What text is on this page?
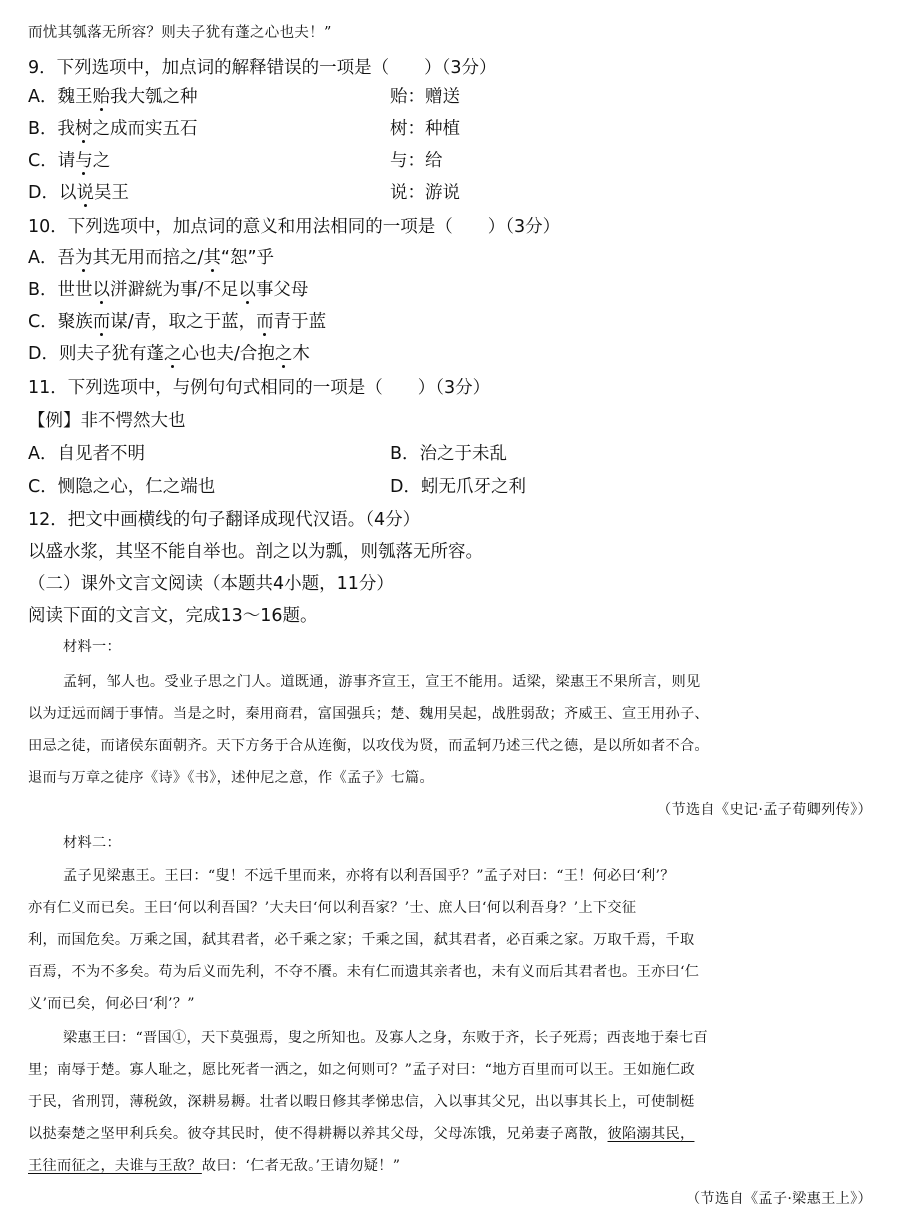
而忧其瓠落无所容？则夫子犹有蓬之心也夫！”
9．下列选项中，加点词的解释错误的一项是（　　）（3分）
A．魏王贻我大瓠之种	贻：赠送
B．我树之成而实五石	树：种植
C．请与之	与：给
D．以说吴王	说：游说
10．下列选项中，加点词的意义和用法相同的一项是（　　）（3分）
A．吾为其无用而掊之/其“恕”乎
B．世世以洴澼絖为事/不足以事父母
C．聚族而谋/青，取之于蓝，而青于蓝
D．则夫子犹有蓬之心也夫/合抱之木
11．下列选项中，与例句句式相同的一项是（　　）（3分）
【例】非不愕然大也
A．自见者不明	B．治之于未乱
C．恻隐之心，仁之端也	D．蚓无爪牙之利
12．把文中画横线的句子翻译成现代汉语。（4分）
以盛水浆，其坚不能自举也。剖之以为瓢，则瓠落无所容。
（二）课外文言文阅读（本题共4小题，11分）
阅读下面的文言文，完成13～16题。
材料一：
孟轲，邹人也。受业子思之门人。道既通，游事齐宣王，宣王不能用。适梁，梁惠王不果所言，则见
以为迂远而阔于事情。当是之时，秦用商君，富国强兵；楚、魏用吴起，战胜弱敌；齐威王、宣王用孙子、
田忌之徒，而诸侯东面朝齐。天下方务于合从连衡，以攻伐为贤，而孟轲乃述三代之德，是以所如者不合。
退而与万章之徒序《诗》《书》，述仲尼之意，作《孟子》七篇。
（节选自《史记·孟子荀卿列传》）
材料二：
孟子见梁惠王。王曰：“叟！不远千里而来，亦将有以利吾国乎？”孟子对曰：“王！何必曰‘利’？
亦有仁义而已矣。王曰‘何以利吾国？’大夫曰‘何以利吾家？’士、庶人曰‘何以利吾身？’上下交征
利，而国危矣。万乘之国，弑其君者，必千乘之家；千乘之国，弑其君者，必百乘之家。万取千焉，千取
百焉，不为不多矣。苟为后义而先利，不夺不餍。未有仁而遗其亲者也，未有义而后其君者也。王亦曰‘仁
义’而已矣，何必曰‘利’？”
梁惠王曰：“晋国①，天下莫强焉，叟之所知也。及寡人之身，东败于齐，长子死焉；西丧地于秦七百
里；南辱于楚。寡人耻之，愿比死者一洒之，如之何则可？”孟子对曰：“地方百里而可以王。王如施仁政
于民，省刑罚，薄税敛，深耕易耨。壮者以暇日修其孝悌忠信，入以事其父兄，出以事其长上，可使制梃
以挞秦楚之坚甲利兵矣。彼夺其民时，使不得耕耨以养其父母，父母冻饿，兄弟妻子离散，彼陷溺其民，
王往而征之，夫谁与王敌？故曰：‘仁者无敌。’王请勿疑！”
（节选自《孟子·梁惠王上》）
